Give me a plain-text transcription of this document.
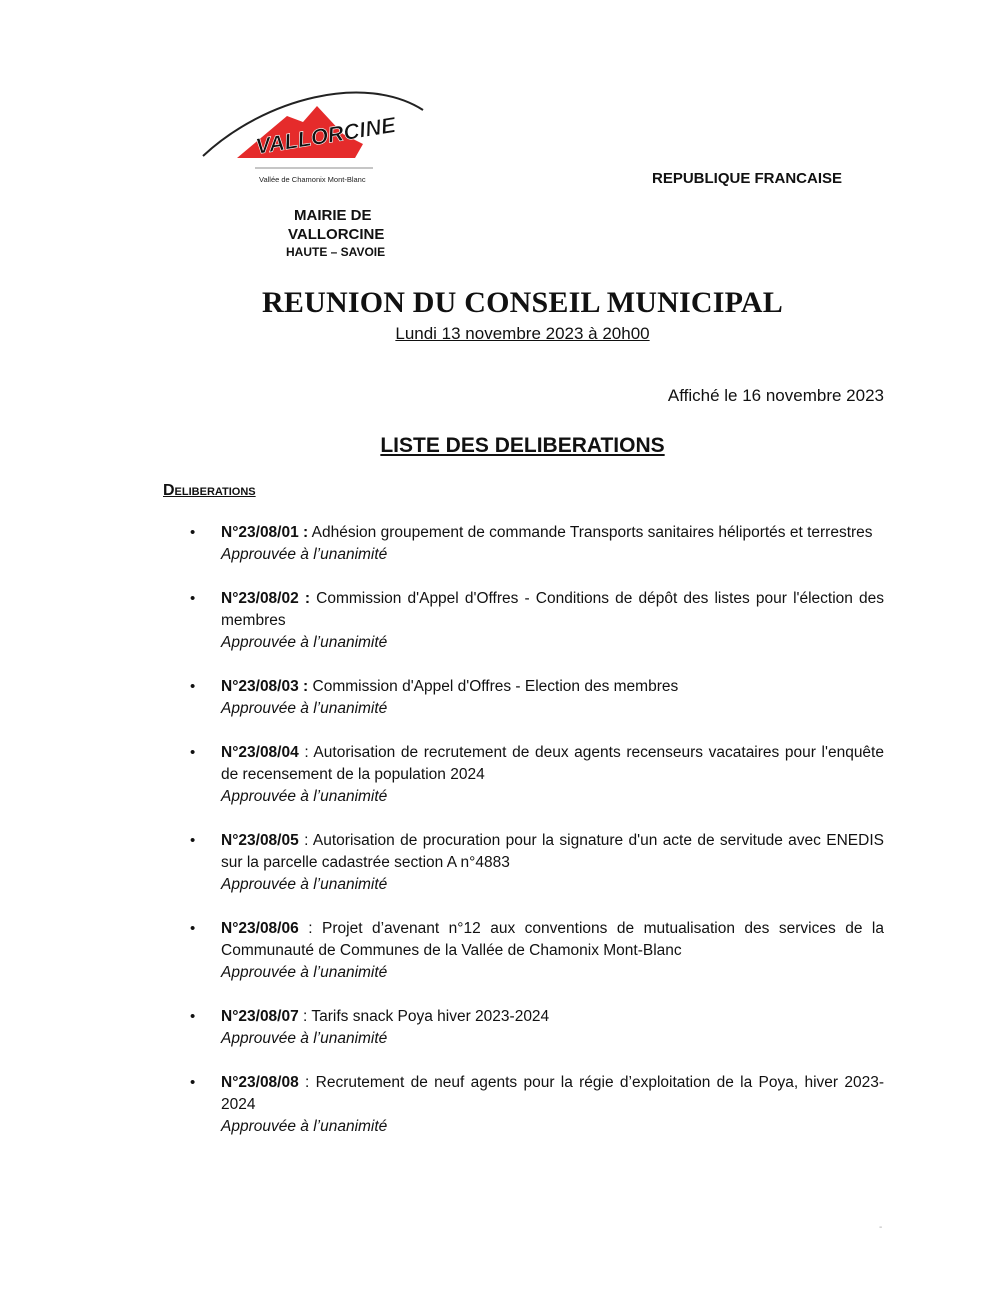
VALLORCINE
Vallée de Chamonix Mont-Blanc	REPUBLIQUE FRANCAISE
MAIRIE DE
VALLORCINE
HAUTE – SAVOIE
REUNION DU CONSEIL MUNICIPAL
Lundi 13 novembre 2023 à 20h00
Affiché le 16 novembre 2023
LISTE DES DELIBERATIONS
Deliberations
• N°23/08/01 : Adhésion groupement de commande Transports sanitaires héliportés et terrestres
Approuvée à l’unanimité
• N°23/08/02 : Commission d'Appel d'Offres - Conditions de dépôt des listes pour l'élection des membres
Approuvée à l’unanimité
• N°23/08/03 : Commission d'Appel d'Offres - Election des membres
Approuvée à l’unanimité
• N°23/08/04 : Autorisation de recrutement de deux agents recenseurs vacataires pour l'enquête de recensement de la population 2024
Approuvée à l’unanimité
• N°23/08/05 : Autorisation de procuration pour la signature d'un acte de servitude avec ENEDIS sur la parcelle cadastrée section A n°4883
Approuvée à l’unanimité
• N°23/08/06 : Projet d’avenant n°12 aux conventions de mutualisation des services de la Communauté de Communes de la Vallée de Chamonix Mont-Blanc
Approuvée à l’unanimité
• N°23/08/07 : Tarifs snack Poya hiver 2023-2024
Approuvée à l’unanimité
• N°23/08/08 : Recrutement de neuf agents pour la régie d’exploitation de la Poya, hiver 2023-2024
Approuvée à l’unanimité
-
